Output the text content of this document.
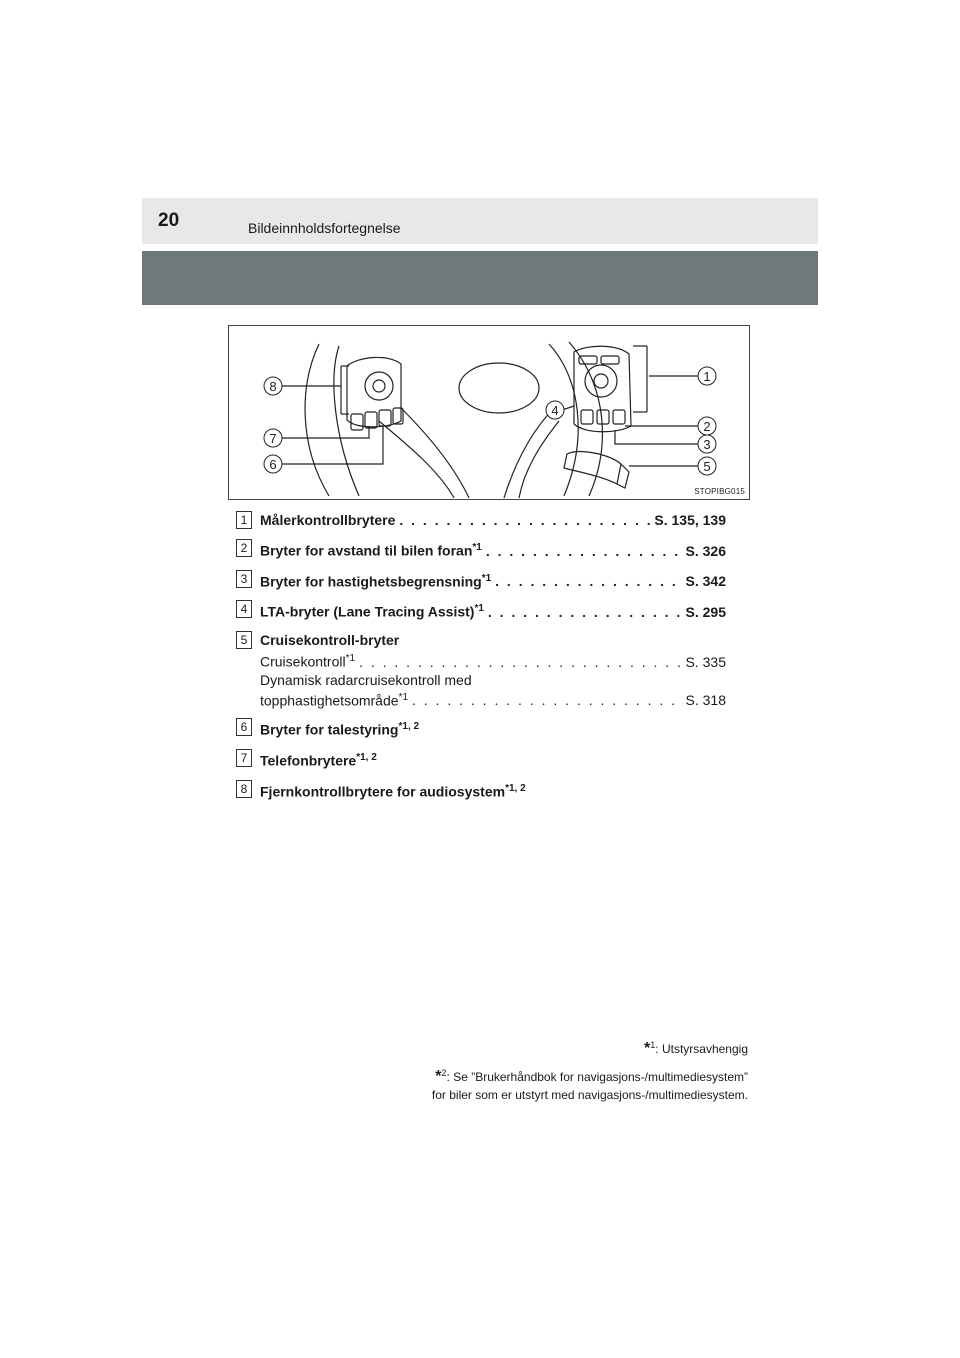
20	Bildeinnholdsfortegnelse
8
7
6
4
1
2
3
5
STOPIBG015
1 Målerkontrollbrytere . . .	S. 135, 139
2 Bryter for avstand til bilen foran$^{*1}$ . . .	S. 326
3 Bryter for hastighetsbegrensning$^{*1}$ . . .	S. 342
4 LTA-bryter (Lane Tracing Assist)$^{*1}$ . . .	S. 295
5 Cruisekontroll-bryter
Cruisekontroll$^{*1}$ . . .	S. 335
Dynamisk radarcruisekontroll med
topphastighetsområde$^{*1}$ . . .	S. 318
6 Bryter for talestyring$^{*1, 2}$
7 Telefonbrytere$^{*1, 2}$
8 Fjernkontrollbrytere for audiosystem$^{*1, 2}$
*$^1$: Utstyrsavhengig
*$^2$: Se ”Brukerhåndbok for navigasjons-/multimediesystem”
for biler som er utstyrt med navigasjons-/multimediesystem.
